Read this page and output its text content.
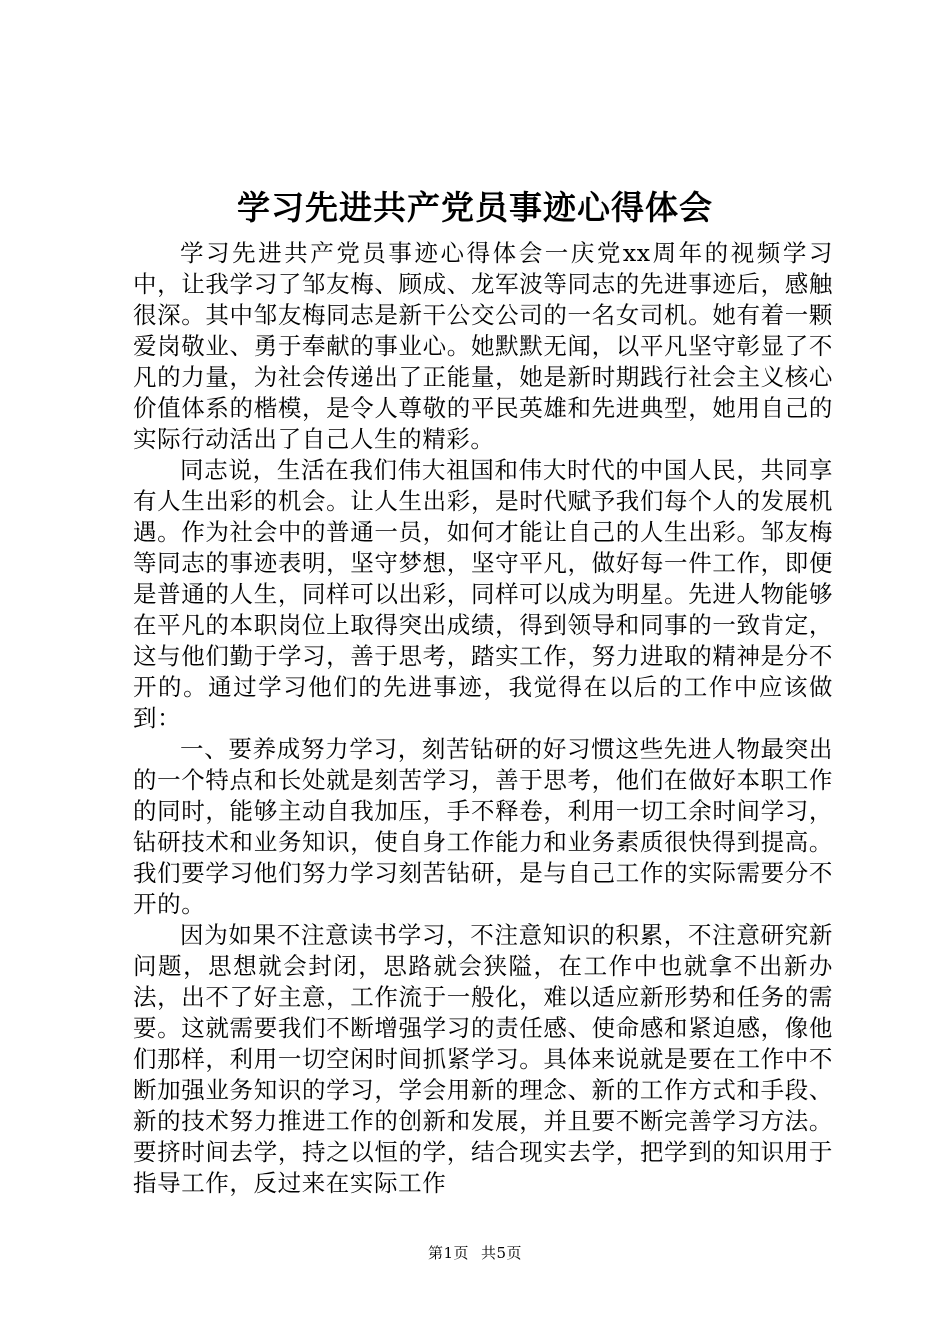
学习先进共产党员事迹心得体会

学习先进共产党员事迹心得体会一庆党xx周年的视频学习中，让我学习了邹友梅、顾成、龙军波等同志的先进事迹后，感触很深。其中邹友梅同志是新干公交公司的一名女司机。她有着一颗爱岗敬业、勇于奉献的事业心。她默默无闻，以平凡坚守彰显了不凡的力量，为社会传递出了正能量，她是新时期践行社会主义核心价值体系的楷模，是令人尊敬的平民英雄和先进典型，她用自己的实际行动活出了自己人生的精彩。

同志说，生活在我们伟大祖国和伟大时代的中国人民，共同享有人生出彩的机会。让人生出彩，是时代赋予我们每个人的发展机遇。作为社会中的普通一员，如何才能让自己的人生出彩。邹友梅等同志的事迹表明，坚守梦想，坚守平凡，做好每一件工作，即便是普通的人生，同样可以出彩，同样可以成为明星。先进人物能够在平凡的本职岗位上取得突出成绩，得到领导和同事的一致肯定，这与他们勤于学习，善于思考，踏实工作，努力进取的精神是分不开的。通过学习他们的先进事迹，我觉得在以后的工作中应该做到：

一、要养成努力学习，刻苦钻研的好习惯这些先进人物最突出的一个特点和长处就是刻苦学习，善于思考，他们在做好本职工作的同时，能够主动自我加压，手不释卷，利用一切工余时间学习，钻研技术和业务知识，使自身工作能力和业务素质很快得到提高。我们要学习他们努力学习刻苦钻研，是与自己工作的实际需要分不开的。

因为如果不注意读书学习，不注意知识的积累，不注意研究新问题，思想就会封闭，思路就会狭隘，在工作中也就拿不出新办法，出不了好主意，工作流于一般化，难以适应新形势和任务的需要。这就需要我们不断增强学习的责任感、使命感和紧迫感，像他们那样，利用一切空闲时间抓紧学习。具体来说就是要在工作中不断加强业务知识的学习，学会用新的理念、新的工作方式和手段、新的技术努力推进工作的创新和发展，并且要不断完善学习方法。要挤时间去学，持之以恒的学，结合现实去学，把学到的知识用于指导工作，反过来在实际工作

第1页 共5页
